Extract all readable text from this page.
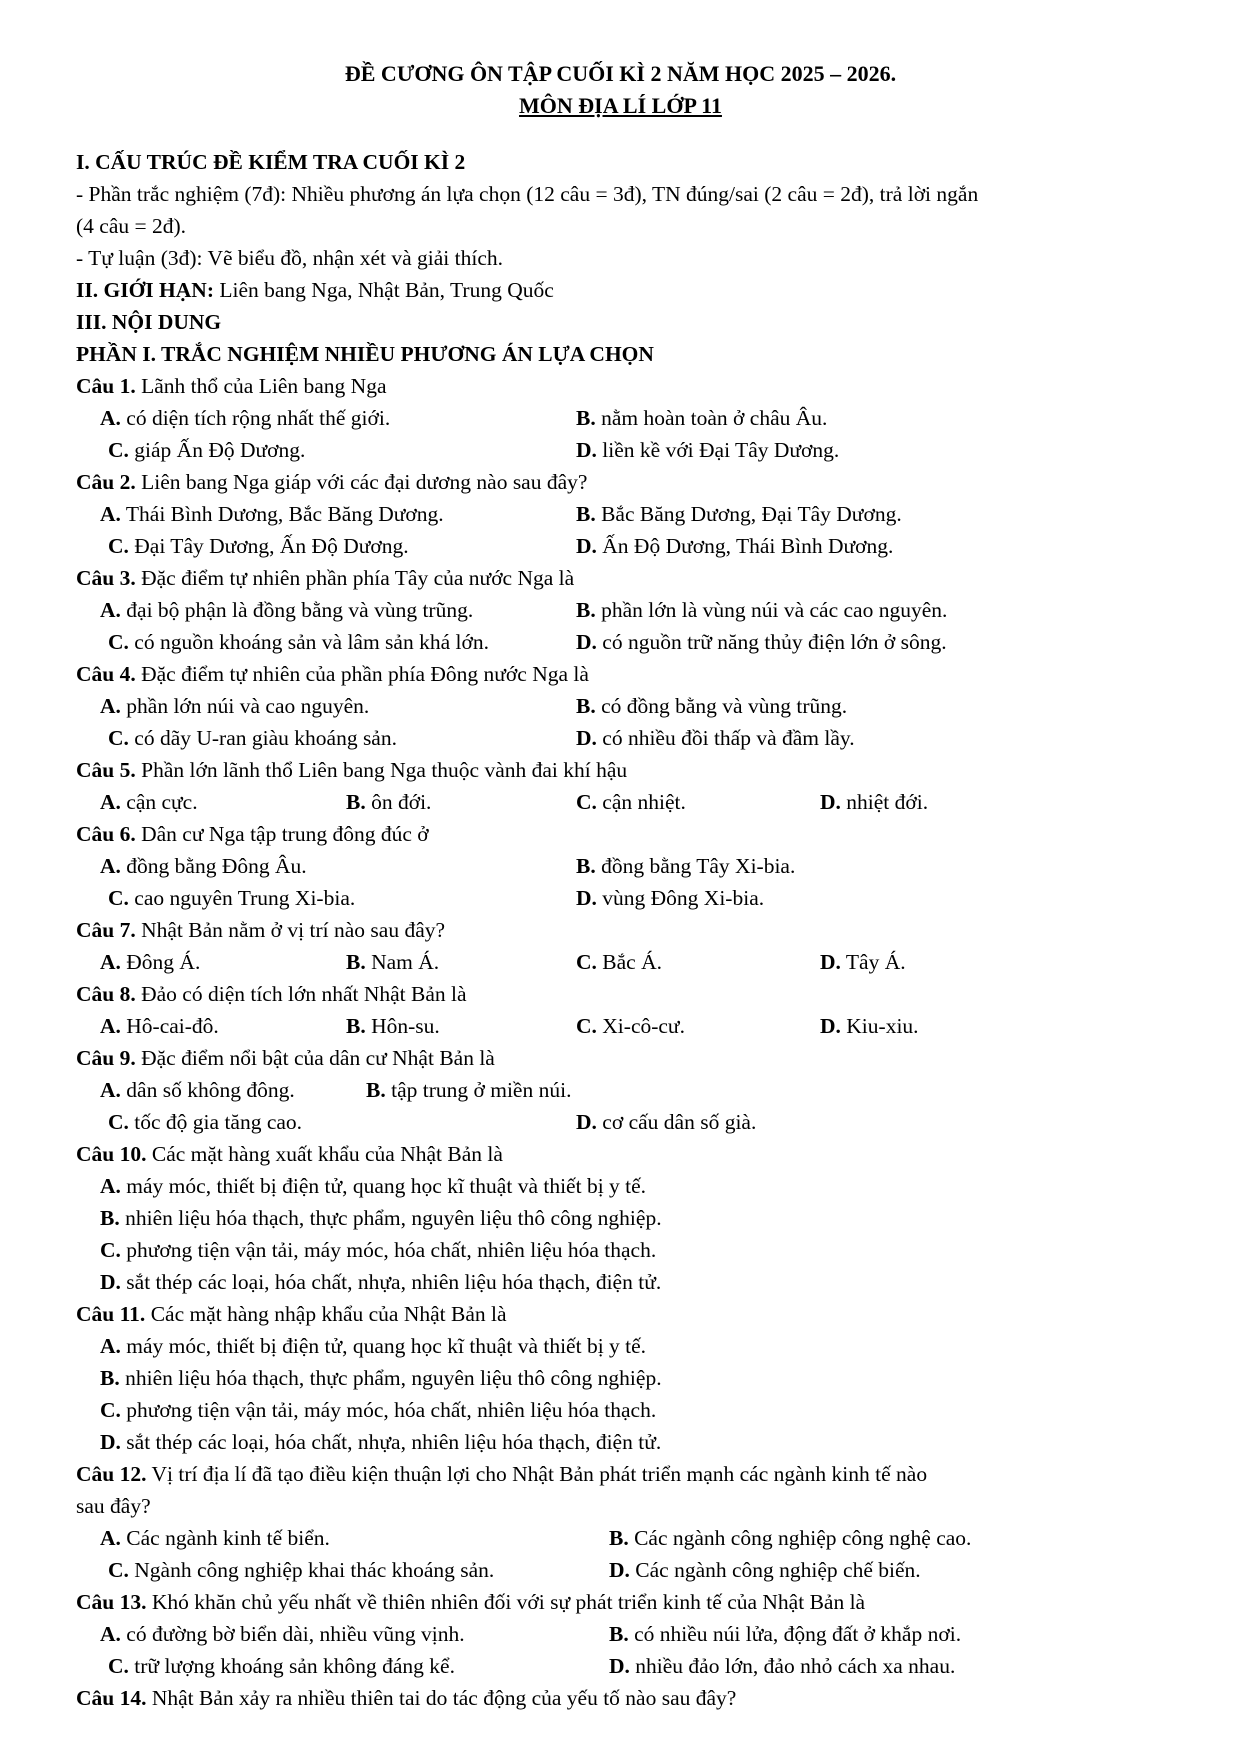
ĐỀ CƯƠNG ÔN TẬP CUỐI KÌ 2 NĂM HỌC 2025 – 2026.
MÔN ĐỊA LÍ LỚP 11
I. CẤU TRÚC ĐỀ KIỂM TRA CUỐI KÌ 2
- Phần trắc nghiệm (7đ): Nhiều phương án lựa chọn (12 câu = 3đ), TN đúng/sai (2 câu = 2đ), trả lời ngắn
(4 câu = 2đ).
- Tự luận (3đ): Vẽ biểu đồ, nhận xét và giải thích.
II. GIỚI HẠN: Liên bang Nga, Nhật Bản, Trung Quốc
III. NỘI DUNG
PHẦN I. TRẮC NGHIỆM NHIỀU PHƯƠNG ÁN LỰA CHỌN
Câu 1. Lãnh thổ của Liên bang Nga
A. có diện tích rộng nhất thế giới.	B. nằm hoàn toàn ở châu Âu.
C. giáp Ấn Độ Dương.	D. liền kề với Đại Tây Dương.
Câu 2. Liên bang Nga giáp với các đại dương nào sau đây?
A. Thái Bình Dương, Bắc Băng Dương.	B. Bắc Băng Dương, Đại Tây Dương.
C. Đại Tây Dương, Ấn Độ Dương.	D. Ấn Độ Dương, Thái Bình Dương.
Câu 3. Đặc điểm tự nhiên phần phía Tây của nước Nga là
A. đại bộ phận là đồng bằng và vùng trũng.	B. phần lớn là vùng núi và các cao nguyên.
C. có nguồn khoáng sản và lâm sản khá lớn.	D. có nguồn trữ năng thủy điện lớn ở sông.
Câu 4. Đặc điểm tự nhiên của phần phía Đông nước Nga là
A. phần lớn núi và cao nguyên.	B. có đồng bằng và vùng trũng.
C. có dãy U-ran giàu khoáng sản.	D. có nhiều đồi thấp và đầm lầy.
Câu 5. Phần lớn lãnh thổ Liên bang Nga thuộc vành đai khí hậu
A. cận cực.	B. ôn đới.	C. cận nhiệt.	D. nhiệt đới.
Câu 6. Dân cư Nga tập trung đông đúc ở
A. đồng bằng Đông Âu.	B. đồng bằng Tây Xi-bia.
C. cao nguyên Trung Xi-bia.	D. vùng Đông Xi-bia.
Câu 7. Nhật Bản nằm ở vị trí nào sau đây?
A. Đông Á.	B. Nam Á.	C. Bắc Á.	D. Tây Á.
Câu 8. Đảo có diện tích lớn nhất Nhật Bản là
A. Hô-cai-đô.	B. Hôn-su.	C. Xi-cô-cư.	D. Kiu-xiu.
Câu 9. Đặc điểm nổi bật của dân cư Nhật Bản là
A. dân số không đông.	B. tập trung ở miền núi.
C. tốc độ gia tăng cao.	D. cơ cấu dân số già.
Câu 10. Các mặt hàng xuất khẩu của Nhật Bản là
A. máy móc, thiết bị điện tử, quang học kĩ thuật và thiết bị y tế.
B. nhiên liệu hóa thạch, thực phẩm, nguyên liệu thô công nghiệp.
C. phương tiện vận tải, máy móc, hóa chất, nhiên liệu hóa thạch.
D. sắt thép các loại, hóa chất, nhựa, nhiên liệu hóa thạch, điện tử.
Câu 11. Các mặt hàng nhập khẩu của Nhật Bản là
A. máy móc, thiết bị điện tử, quang học kĩ thuật và thiết bị y tế.
B. nhiên liệu hóa thạch, thực phẩm, nguyên liệu thô công nghiệp.
C. phương tiện vận tải, máy móc, hóa chất, nhiên liệu hóa thạch.
D. sắt thép các loại, hóa chất, nhựa, nhiên liệu hóa thạch, điện tử.
Câu 12. Vị trí địa lí đã tạo điều kiện thuận lợi cho Nhật Bản phát triển mạnh các ngành kinh tế nào
sau đây?
A. Các ngành kinh tế biển.	B. Các ngành công nghiệp công nghệ cao.
C. Ngành công nghiệp khai thác khoáng sản.	D. Các ngành công nghiệp chế biến.
Câu 13. Khó khăn chủ yếu nhất về thiên nhiên đối với sự phát triển kinh tế của Nhật Bản là
A. có đường bờ biển dài, nhiều vũng vịnh.	B. có nhiều núi lửa, động đất ở khắp nơi.
C. trữ lượng khoáng sản không đáng kể.	D. nhiều đảo lớn, đảo nhỏ cách xa nhau.
Câu 14. Nhật Bản xảy ra nhiều thiên tai do tác động của yếu tố nào sau đây?
